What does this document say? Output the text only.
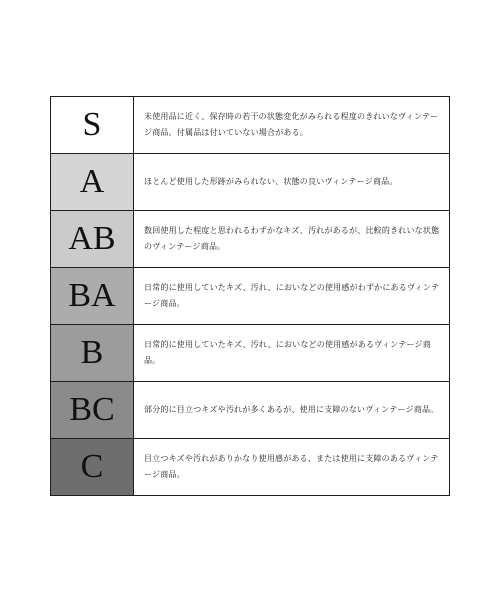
S	未使用品に近く、保存時の若干の状態変化がみられる程度のきれいなヴィンテージ商品。付属品は付いていない場合がある。
A	ほとんど使用した形跡がみられない、状態の良いヴィンテージ商品。
AB	数回使用した程度と思われるわずかなキズ、汚れがあるが、比較的きれいな状態のヴィンテージ商品。
BA	日常的に使用していたキズ、汚れ、においなどの使用感がわずかにあるヴィンテージ商品。
B	日常的に使用していたキズ、汚れ、においなどの使用感があるヴィンテージ商品。
BC	部分的に目立つキズや汚れが多くあるが、使用に支障のないヴィンテージ商品。
C	目立つキズや汚れがありかなり使用感がある、または使用に支障のあるヴィンテージ商品。
